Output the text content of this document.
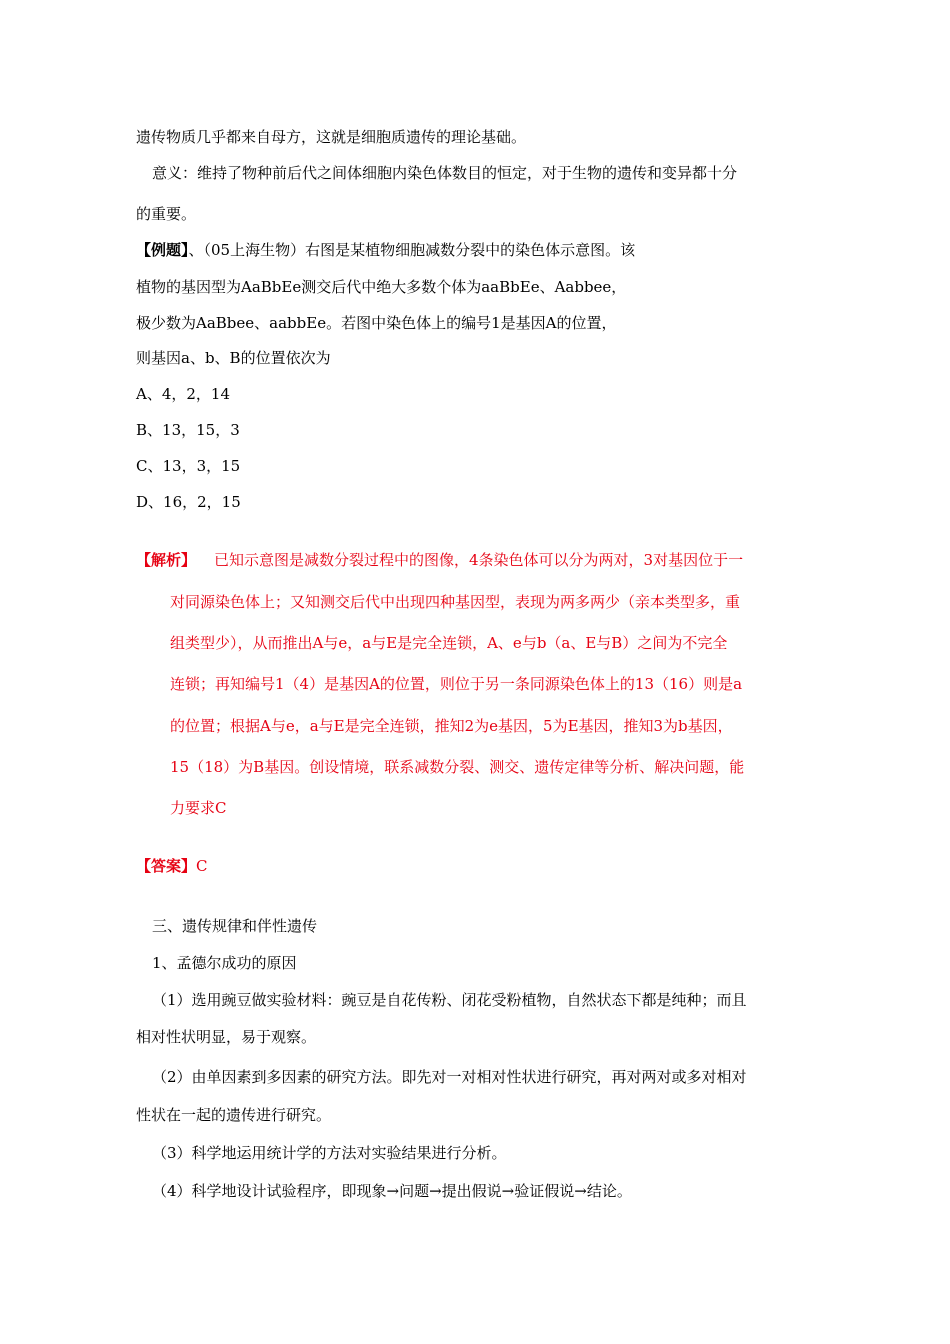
遗传物质几乎都来自母方，这就是细胞质遗传的理论基础。

意义：维持了物种前后代之间体细胞内染色体数目的恒定，对于生物的遗传和变异都十分

的重要。

【例题】、（05上海生物）右图是某植物细胞减数分裂中的染色体示意图。该

植物的基因型为AaBbEe测交后代中绝大多数个体为aaBbEe、Aabbee，

极少数为AaBbee、aabbEe。若图中染色体上的编号1是基因A的位置，

则基因a、b、B的位置依次为

A、4，2，14

B、13，15，3

C、13，3，15

D、16，2，15

【解析】 已知示意图是减数分裂过程中的图像，4条染色体可以分为两对，3对基因位于一

对同源染色体上；又知测交后代中出现四种基因型，表现为两多两少（亲本类型多，重

组类型少），从而推出A与e，a与E是完全连锁，A、e与b（a、E与B）之间为不完全

连锁；再知编号1（4）是基因A的位置，则位于另一条同源染色体上的13（16）则是a

的位置；根据A与e，a与E是完全连锁，推知2为e基因，5为E基因，推知3为b基因，

15（18）为B基因。创设情境，联系减数分裂、测交、遗传定律等分析、解决问题，能

力要求C

【答案】C

三、遗传规律和伴性遗传

1、孟德尔成功的原因

（1）选用豌豆做实验材料：豌豆是自花传粉、闭花受粉植物，自然状态下都是纯种；而且

相对性状明显，易于观察。

（2）由单因素到多因素的研究方法。即先对一对相对性状进行研究，再对两对或多对相对

性状在一起的遗传进行研究。

（3）科学地运用统计学的方法对实验结果进行分析。

（4）科学地设计试验程序，即现象→问题→提出假说→验证假说→结论。
